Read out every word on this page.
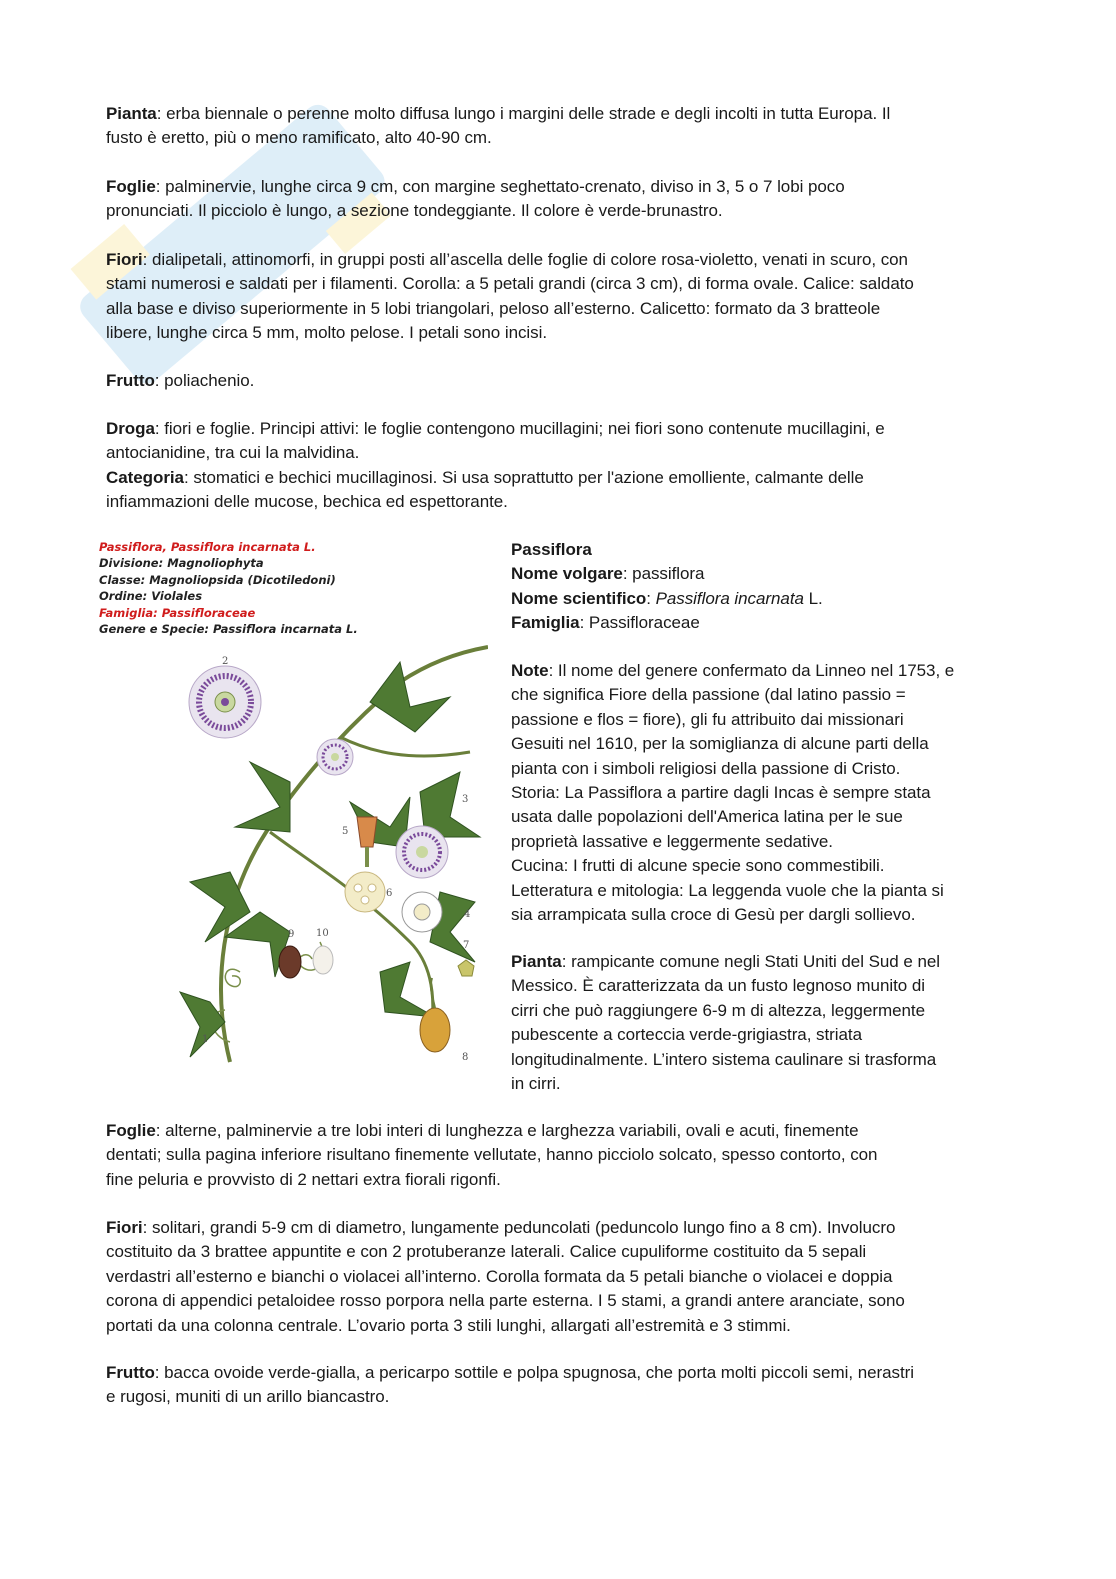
Pianta: erba biennale o perenne molto diffusa lungo i margini delle strade e degli incolti in tutta Europa. Il
fusto è eretto, più o meno ramificato, alto 40-90 cm.

Foglie: palminervie, lunghe circa 9 cm, con margine seghettato-crenato, diviso in 3, 5 o 7 lobi poco
pronunciati. Il picciolo è lungo, a sezione tondeggiante. Il colore è verde-brunastro.

Fiori: dialipetali, attinomorfi, in gruppi posti all’ascella delle foglie di colore rosa-violetto, venati in scuro, con
stami numerosi e saldati per i filamenti. Corolla: a 5 petali grandi (circa 3 cm), di forma ovale. Calice: saldato
alla base e diviso superiormente in 5 lobi triangolari, peloso all’esterno. Calicetto: formato da 3 bratteole
libere, lunghe circa 5 mm, molto pelose. I petali sono incisi.

Frutto: poliachenio.

Droga: fiori e foglie. Principi attivi: le foglie contengono mucillagini; nei fiori sono contenute mucillagini, e
antocianidine, tra cui la malvidina.
Categoria: stomatici e bechici mucillaginosi. Si usa soprattutto per l'azione emolliente, calmante delle
infiammazioni delle mucose, bechica ed espettorante.

Passiflora, Passiflora incarnata L.
Divisione: Magnoliophyta
Classe: Magnoliopsida (Dicotiledoni)
Ordine: Violales
Famiglia: Passifloraceae
Genere e Specie: Passiflora incarnata L.
2
3
5
6
4
9 10
7
1
8

Passiflora
Nome volgare: passiflora
Nome scientifico: Passiflora incarnata L.
Famiglia: Passifloraceae

Note: Il nome del genere confermato da Linneo nel 1753, e
che significa Fiore della passione (dal latino passio =
passione e flos = fiore), gli fu attribuito dai missionari
Gesuiti nel 1610, per la somiglianza di alcune parti della
pianta con i simboli religiosi della passione di Cristo.
Storia: La Passiflora a partire dagli Incas è sempre stata
usata dalle popolazioni dell'America latina per le sue
proprietà lassative e leggermente sedative.
Cucina: I frutti di alcune specie sono commestibili.
Letteratura e mitologia: La leggenda vuole che la pianta si
sia arrampicata sulla croce di Gesù per dargli sollievo.

Pianta: rampicante comune negli Stati Uniti del Sud e nel
Messico. È caratterizzata da un fusto legnoso munito di
cirri che può raggiungere 6-9 m di altezza, leggermente
pubescente a corteccia verde-grigiastra, striata
longitudinalmente. L’intero sistema caulinare si trasforma
in cirri.

Foglie: alterne, palminervie a tre lobi interi di lunghezza e larghezza variabili, ovali e acuti, finemente
dentati; sulla pagina inferiore risultano finemente vellutate, hanno picciolo solcato, spesso contorto, con
fine peluria e provvisto di 2 nettari extra fiorali rigonfi.

Fiori: solitari, grandi 5-9 cm di diametro, lungamente peduncolati (peduncolo lungo fino a 8 cm). Involucro
costituito da 3 brattee appuntite e con 2 protuberanze laterali. Calice cupuliforme costituito da 5 sepali
verdastri all’esterno e bianchi o violacei all’interno. Corolla formata da 5 petali bianche o violacei e doppia
corona di appendici petaloidee rosso porpora nella parte esterna. I 5 stami, a grandi antere aranciate, sono
portati da una colonna centrale. L’ovario porta 3 stili lunghi, allargati all’estremità e 3 stimmi.

Frutto: bacca ovoide verde-gialla, a pericarpo sottile e polpa spugnosa, che porta molti piccoli semi, nerastri
e rugosi, muniti di un arillo biancastro.
